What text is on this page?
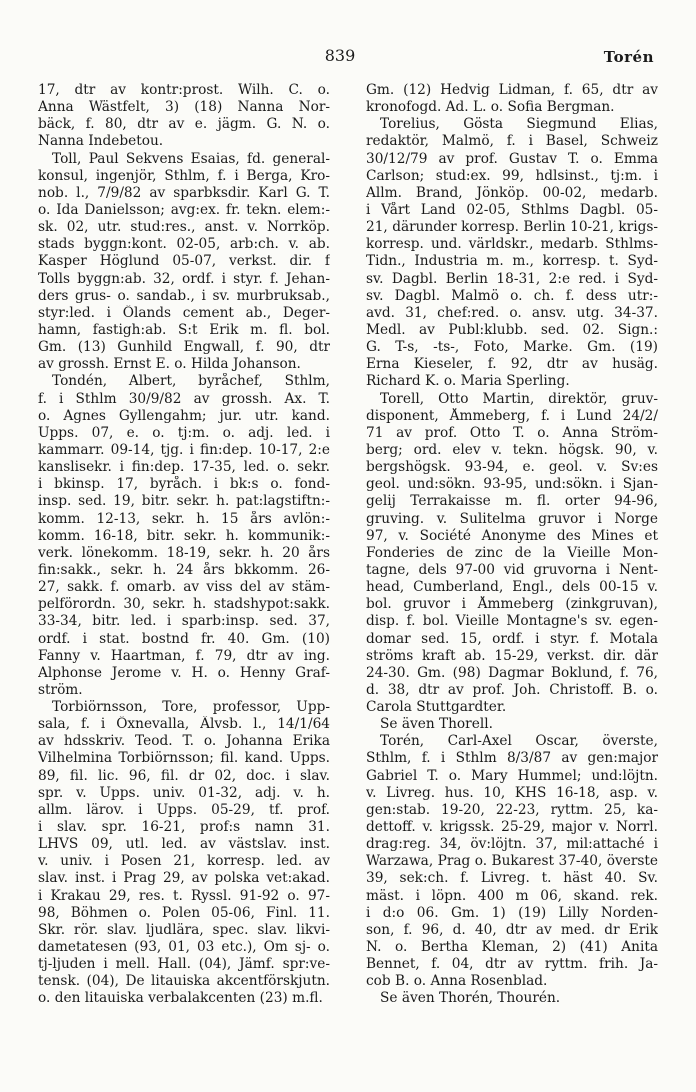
839	Torén
17, dtr av kontr:prost. Wilh. C. o.
Anna Wästfelt, 3) (18) Nanna Nor-
bäck, f. 80, dtr av e. jägm. G. N. o.
Nanna Indebetou.
Toll, Paul Sekvens Esaias, fd. general-
konsul, ingenjör, Sthlm, f. i Berga, Kro-
nob. l., 7/9/82 av sparbksdir. Karl G. T.
o. Ida Danielsson; avg:ex. fr. tekn. elem:-
sk. 02, utr. stud:res., anst. v. Norrköp.
stads byggn:kont. 02-05, arb:ch. v. ab.
Kasper Höglund 05-07, verkst. dir. f
Tolls byggn:ab. 32, ordf. i styr. f. Jehan-
ders grus- o. sandab., i sv. murbruksab.,
styr:led. i Ölands cement ab., Deger-
hamn, fastigh:ab. S:t Erik m. fl. bol.
Gm. (13) Gunhild Engwall, f. 90, dtr
av grossh. Ernst E. o. Hilda Johanson.
Tondén, Albert, byråchef, Sthlm,
f. i Sthlm 30/9/82 av grossh. Ax. T.
o. Agnes Gyllengahm; jur. utr. kand.
Upps. 07, e. o. tj:m. o. adj. led. i
kammarr. 09-14, tjg. i fin:dep. 10-17, 2:e
kanslisekr. i fin:dep. 17-35, led. o. sekr.
i bkinsp. 17, byråch. i bk:s o. fond-
insp. sed. 19, bitr. sekr. h. pat:lagstiftn:-
komm. 12-13, sekr. h. 15 års avlön:-
komm. 16-18, bitr. sekr. h. kommunik:-
verk. lönekomm. 18-19, sekr. h. 20 års
fin:sakk., sekr. h. 24 års bkkomm. 26-
27, sakk. f. omarb. av viss del av stäm-
pelförordn. 30, sekr. h. stadshypot:sakk.
33-34, bitr. led. i sparb:insp. sed. 37,
ordf. i stat. bostnd fr. 40. Gm. (10)
Fanny v. Haartman, f. 79, dtr av ing.
Alphonse Jerome v. H. o. Henny Graf-
ström.
Torbiörnsson, Tore, professor, Upp-
sala, f. i Öxnevalla, Älvsb. l., 14/1/64
av hdsskriv. Teod. T. o. Johanna Erika
Vilhelmina Torbiörnsson; fil. kand. Upps.
89, fil. lic. 96, fil. dr 02, doc. i slav.
spr. v. Upps. univ. 01-32, adj. v. h.
allm. lärov. i Upps. 05-29, tf. prof.
i slav. spr. 16-21, prof:s namn 31.
LHVS 09, utl. led. av västslav. inst.
v. univ. i Posen 21, korresp. led. av
slav. inst. i Prag 29, av polska vet:akad.
i Krakau 29, res. t. Ryssl. 91-92 o. 97-
98, Böhmen o. Polen 05-06, Finl. 11.
Skr. rör. slav. ljudlära, spec. slav. likvi-
dametatesen (93, 01, 03 etc.), Om sj- o.
tj-ljuden i mell. Hall. (04), Jämf. spr:ve-
tensk. (04), De litauiska akcentförskjutn.
o. den litauiska verbalakcenten (23) m.fl.
Gm. (12) Hedvig Lidman, f. 65, dtr av
kronofogd. Ad. L. o. Sofia Bergman.
Torelius, Gösta Siegmund Elias,
redaktör, Malmö, f. i Basel, Schweiz
30/12/79 av prof. Gustav T. o. Emma
Carlson; stud:ex. 99, hdlsinst., tj:m. i
Allm. Brand, Jönköp. 00-02, medarb.
i Vårt Land 02-05, Sthlms Dagbl. 05-
21, därunder korresp. Berlin 10-21, krigs-
korresp. und. världskr., medarb. Sthlms-
Tidn., Industria m. m., korresp. t. Syd-
sv. Dagbl. Berlin 18-31, 2:e red. i Syd-
sv. Dagbl. Malmö o. ch. f. dess utr:-
avd. 31, chef:red. o. ansv. utg. 34-37.
Medl. av Publ:klubb. sed. 02. Sign.:
G. T-s, -ts-, Foto, Marke. Gm. (19)
Erna Kieseler, f. 92, dtr av husäg.
Richard K. o. Maria Sperling.
Torell, Otto Martin, direktör, gruv-
disponent, Åmmeberg, f. i Lund 24/2/
71 av prof. Otto T. o. Anna Ström-
berg; ord. elev v. tekn. högsk. 90, v.
bergshögsk. 93-94, e. geol. v. Sv:es
geol. und:sökn. 93-95, und:sökn. i Sjan-
gelij Terrakaisse m. fl. orter 94-96,
gruving. v. Sulitelma gruvor i Norge
97, v. Société Anonyme des Mines et
Fonderies de zinc de la Vieille Mon-
tagne, dels 97-00 vid gruvorna i Nent-
head, Cumberland, Engl., dels 00-15 v.
bol. gruvor i Åmmeberg (zinkgruvan),
disp. f. bol. Vieille Montagne's sv. egen-
domar sed. 15, ordf. i styr. f. Motala
ströms kraft ab. 15-29, verkst. dir. där
24-30. Gm. (98) Dagmar Boklund, f. 76,
d. 38, dtr av prof. Joh. Christoff. B. o.
Carola Stuttgardter.
Se även Thorell.
Torén, Carl-Axel Oscar, överste,
Sthlm, f. i Sthlm 8/3/87 av gen:major
Gabriel T. o. Mary Hummel; und:löjtn.
v. Livreg. hus. 10, KHS 16-18, asp. v.
gen:stab. 19-20, 22-23, ryttm. 25, ka-
dettoff. v. krigssk. 25-29, major v. Norrl.
drag:reg. 34, öv:löjtn. 37, mil:attaché i
Warzawa, Prag o. Bukarest 37-40, överste
39, sek:ch. f. Livreg. t. häst 40. Sv.
mäst. i löpn. 400 m 06, skand. rek.
i d:o 06. Gm. 1) (19) Lilly Norden-
son, f. 96, d. 40, dtr av med. dr Erik
N. o. Bertha Kleman, 2) (41) Anita
Bennet, f. 04, dtr av ryttm. frih. Ja-
cob B. o. Anna Rosenblad.
Se även Thorén, Thourén.
